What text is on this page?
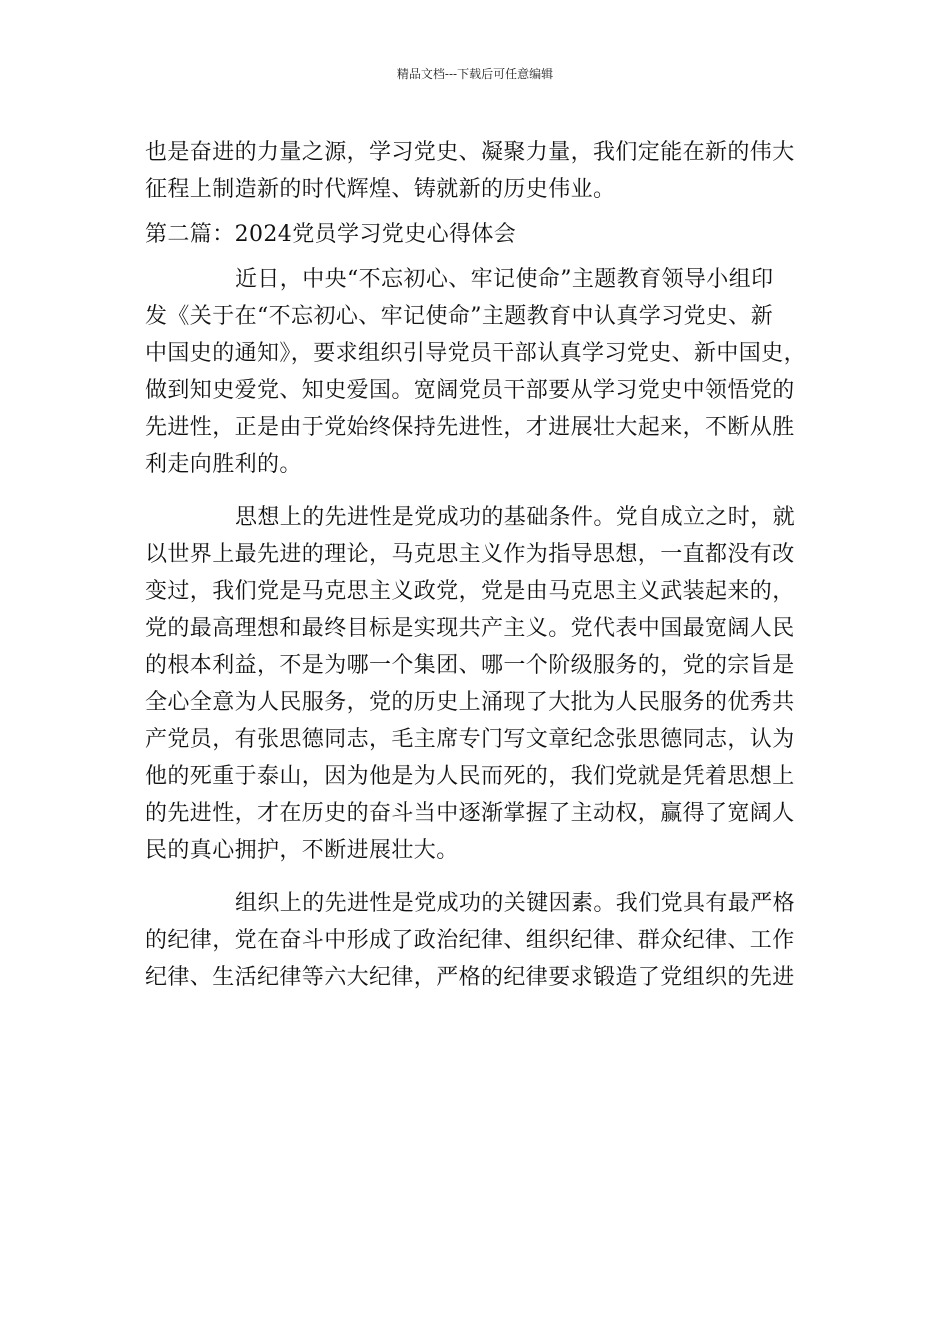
精品文档---下载后可任意编辑
也是奋进的力量之源，学习党史、凝聚力量，我们定能在新的伟大
征程上制造新的时代辉煌、铸就新的历史伟业。
第二篇：2024党员学习党史心得体会
近日，中央“不忘初心、牢记使命”主题教育领导小组印
发《关于在“不忘初心、牢记使命”主题教育中认真学习党史、新
中国史的通知》，要求组织引导党员干部认真学习党史、新中国史，
做到知史爱党、知史爱国。宽阔党员干部要从学习党史中领悟党的
先进性，正是由于党始终保持先进性，才进展壮大起来，不断从胜
利走向胜利的。
思想上的先进性是党成功的基础条件。党自成立之时，就
以世界上最先进的理论，马克思主义作为指导思想，一直都没有改
变过，我们党是马克思主义政党，党是由马克思主义武装起来的，
党的最高理想和最终目标是实现共产主义。党代表中国最宽阔人民
的根本利益，不是为哪一个集团、哪一个阶级服务的，党的宗旨是
全心全意为人民服务，党的历史上涌现了大批为人民服务的优秀共
产党员，有张思德同志，毛主席专门写文章纪念张思德同志，认为
他的死重于泰山，因为他是为人民而死的，我们党就是凭着思想上
的先进性，才在历史的奋斗当中逐渐掌握了主动权，赢得了宽阔人
民的真心拥护，不断进展壮大。
组织上的先进性是党成功的关键因素。我们党具有最严格
的纪律，党在奋斗中形成了政治纪律、组织纪律、群众纪律、工作
纪律、生活纪律等六大纪律，严格的纪律要求锻造了党组织的先进
